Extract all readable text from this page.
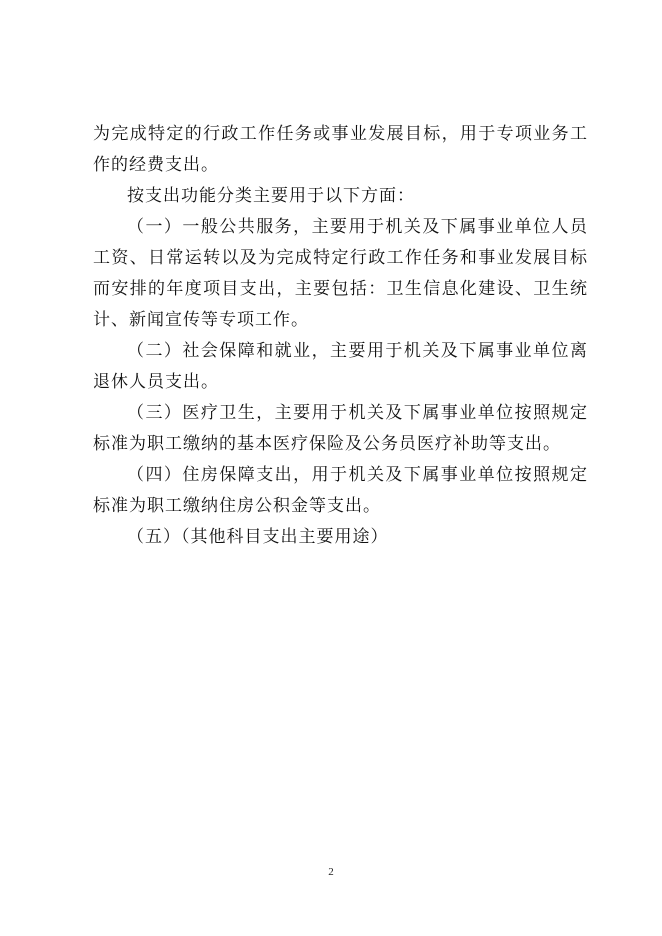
为完成特定的行政工作任务或事业发展目标，用于专项业务工作的经费支出。

按支出功能分类主要用于以下方面：

（一）一般公共服务，主要用于机关及下属事业单位人员工资、日常运转以及为完成特定行政工作任务和事业发展目标而安排的年度项目支出，主要包括：卫生信息化建设、卫生统计、新闻宣传等专项工作。

（二）社会保障和就业，主要用于机关及下属事业单位离退休人员支出。

（三）医疗卫生，主要用于机关及下属事业单位按照规定标准为职工缴纳的基本医疗保险及公务员医疗补助等支出。

（四）住房保障支出，用于机关及下属事业单位按照规定标准为职工缴纳住房公积金等支出。

（五）（其他科目支出主要用途）

2
